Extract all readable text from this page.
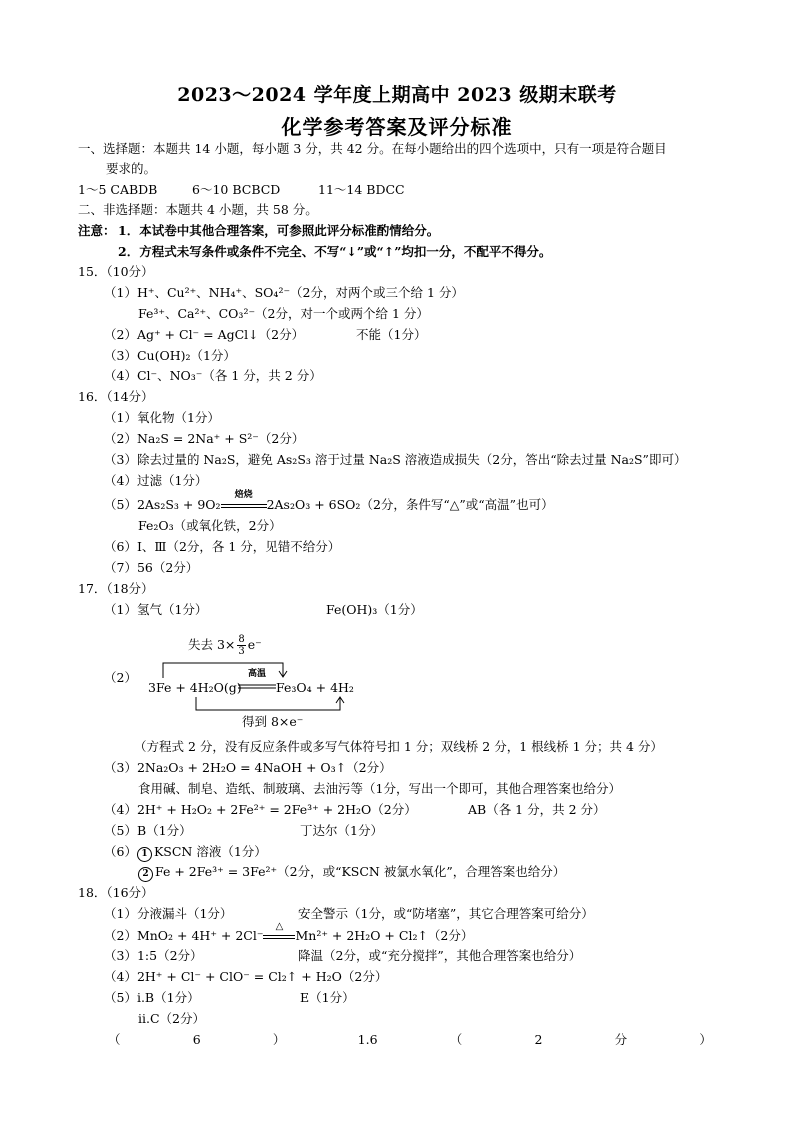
2023～2024 学年度上期高中 2023 级期末联考
化学参考答案及评分标准
一、选择题：本题共 14 小题，每小题 3 分，共 42 分。在每小题给出的四个选项中，只有一项是符合题目
要求的。
1～5 CABDB	6～10 BCBCD	11～14 BDCC
二、非选择题：本题共 4 小题，共 58 分。
注意： 1．本试卷中其他合理答案，可参照此评分标准酌情给分。
2．方程式未写条件或条件不完全、不写“↓”或“↑”均扣一分，不配平不得分。
15．（10分）
（1）H⁺、Cu²⁺、NH₄⁺、SO₄²⁻（2分，对两个或三个给 1 分）
Fe³⁺、Ca²⁺、CO₃²⁻（2分，对一个或两个给 1 分）
（2）Ag⁺ + Cl⁻ = AgCl↓（2分）	不能（1分）
（3）Cu(OH)₂（1分）
（4）Cl⁻、NO₃⁻（各 1 分，共 2 分）
16．（14分）
（1）氧化物（1分）
（2）Na₂S = 2Na⁺ + S²⁻（2分）
（3）除去过量的 Na₂S，避免 As₂S₃ 溶于过量 Na₂S 溶液造成损失（2分，答出“除去过量 Na₂S”即可）
（4）过滤（1分）
（5）2As₂S₃ + 9O₂
焙烧
2As₂O₃ + 6SO₂（2分，条件写“△”或“高温”也可）
Fe₂O₃（或氧化铁，2分）
（6）Ⅰ、Ⅲ（2分，各 1 分，见错不给分）
（7）56（2分）
17．（18分）
（1）氢气（1分）	Fe(OH)₃（1分）
失去 $3\times \frac{8}{3} e^-$
（2）
3Fe + 4H₂O(g)
高温
Fe₃O₄ + 4H₂
得到 8×e⁻
（方程式 2 分，没有反应条件或多写气体符号扣 1 分；双线桥 2 分，1 根线桥 1 分；共 4 分）
（3）2Na₂O₃ + 2H₂O = 4NaOH + O₃↑（2分）
食用碱、制皂、造纸、制玻璃、去油污等（1分，写出一个即可，其他合理答案也给分）
（4）2H⁺ + H₂O₂ + 2Fe²⁺ = 2Fe³⁺ + 2H₂O（2分）	AB（各 1 分，共 2 分）
（5）B（1分）	丁达尔（1分）
（6） 1 KSCN 溶液（1分）
2 Fe + 2Fe³⁺ = 3Fe²⁺（2分，或“KSCN 被氯水氧化”，合理答案也给分）
18．（16分）
（1）分液漏斗（1分）	安全警示（1分，或“防堵塞”，其它合理答案可给分）
（2）MnO₂ + 4H⁺ + 2Cl⁻
△
Mn²⁺ + 2H₂O + Cl₂↑（2分）
（3）1:5（2分）	降温（2分，或“充分搅拌”，其他合理答案也给分）
（4）2H⁺ + Cl⁻ + ClO⁻ = Cl₂↑ + H₂O（2分）
（5）ⅰ.B（1分）	E（1分）
ⅱ.C（2分）
（	6	）	1.6	（	2	分	）
